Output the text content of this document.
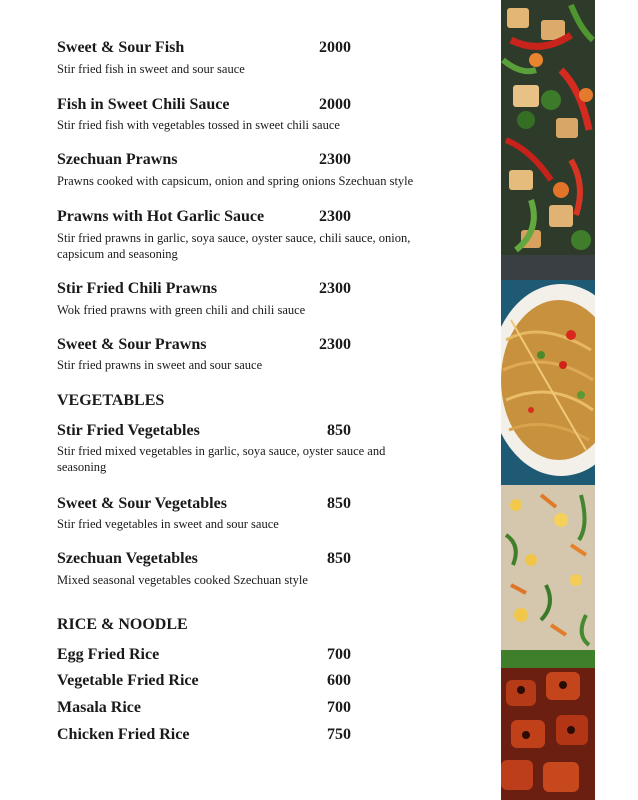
Sweet & Sour Fish	2000
Stir fried fish in sweet and sour sauce
Fish in Sweet Chili Sauce	2000
Stir fried fish with vegetables tossed in sweet chili sauce
Szechuan Prawns	2300
Prawns cooked with capsicum, onion and spring onions Szechuan style
Prawns with Hot Garlic Sauce	2300
Stir fried prawns in garlic, soya sauce, oyster sauce, chili sauce, onion, capsicum and seasoning
Stir Fried Chili Prawns	2300
Wok fried prawns with green chili and chili sauce
Sweet & Sour Prawns	2300
Stir fried prawns in sweet and sour sauce
VEGETABLES
Stir Fried Vegetables	850
Stir fried mixed vegetables in garlic, soya sauce, oyster sauce and seasoning
Sweet & Sour Vegetables	850
Stir fried vegetables in sweet and sour sauce
Szechuan Vegetables	850
Mixed seasonal vegetables cooked Szechuan style
RICE & NOODLE
Egg Fried Rice	700
Vegetable Fried Rice	600
Masala Rice	700
Chicken Fried Rice	750
